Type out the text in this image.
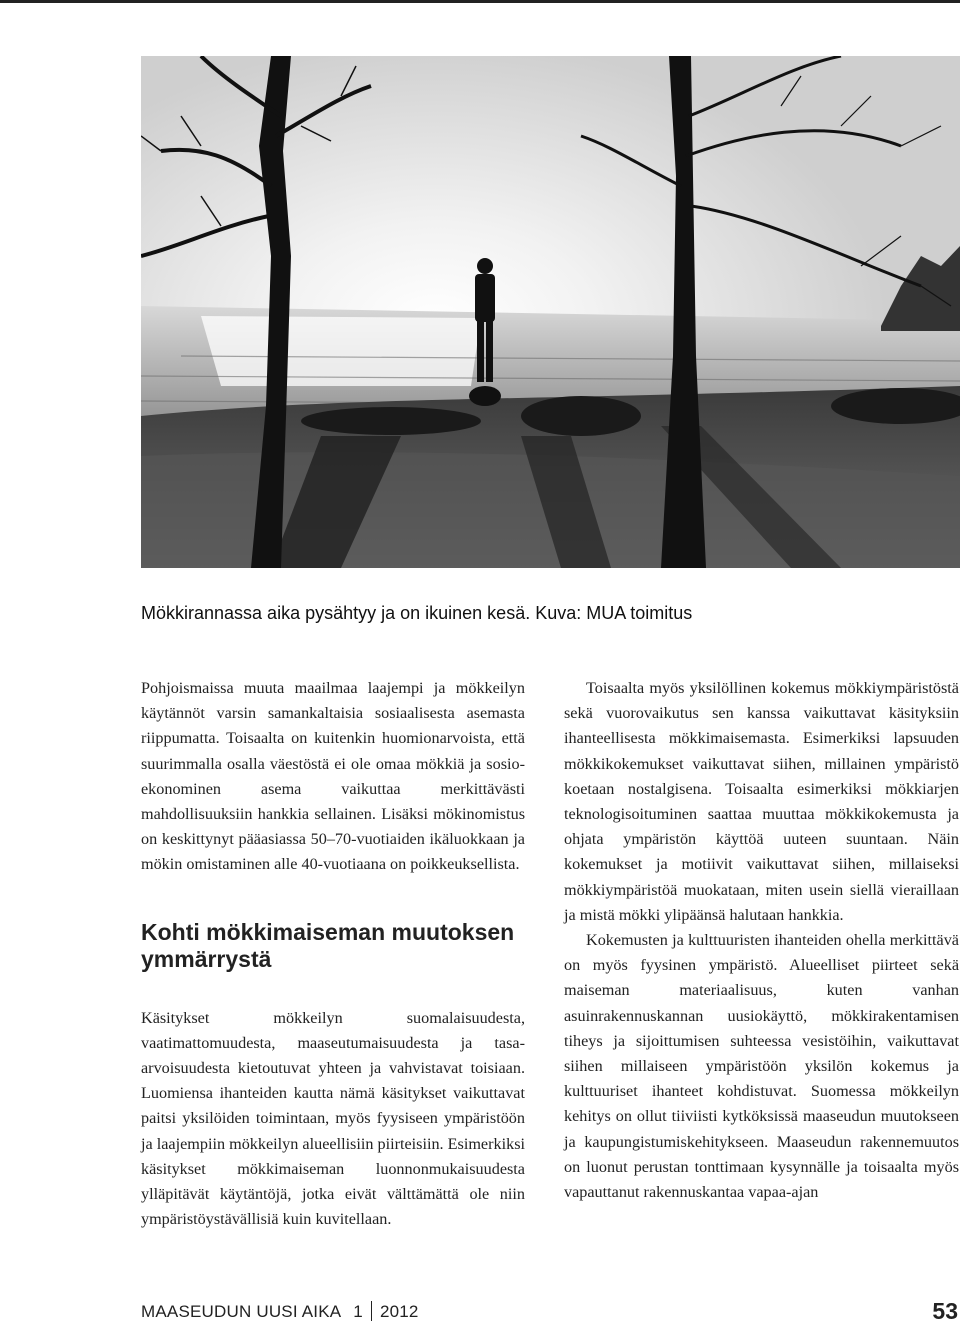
Mökkirannassa aika pysähtyy ja on ikuinen kesä. Kuva: MUA toimitus

Pohjoismaissa muuta maailmaa laajempi ja mökkeilyn käytännöt varsin samankaltaisia sosiaalisesta asemasta riippumatta. Toisaalta on kuitenkin huomionarvoista, että suurimmalla osalla väestöstä ei ole omaa mökkiä ja sosio-ekonominen asema vaikuttaa merkittävästi mahdollisuuksiin hankkia sellainen. Lisäksi mökinomistus on keskittynyt pääasiassa 50–70-vuotiaiden ikäluokkaan ja mökin omistaminen alle 40-vuotiaana on poikkeuksellista.

Kohti mökkimaiseman muutoksen ymmärrystä

Käsitykset mökkeilyn suomalaisuudesta, vaatimattomuudesta, maaseutumaisuudesta ja tasa-arvoisuudesta kietoutuvat yhteen ja vahvistavat toisiaan. Luomiensa ihanteiden kautta nämä käsitykset vaikuttavat paitsi yksilöiden toimintaan, myös fyysiseen ympäristöön ja laajempiin mökkeilyn alueellisiin piirteisiin. Esimerkiksi käsitykset mökkimaiseman luonnonmukaisuudesta ylläpitävät käytäntöjä, jotka eivät välttämättä ole niin ympäristöystävällisiä kuin kuvitellaan.

Toisaalta myös yksilöllinen kokemus mökkiympäristöstä sekä vuorovaikutus sen kanssa vaikuttavat käsityksiin ihanteellisesta mökkimaisemasta. Esimerkiksi lapsuuden mökkikokemukset vaikuttavat siihen, millainen ympäristö koetaan nostalgisena. Toisaalta esimerkiksi mökkiarjen teknologisoituminen saattaa muuttaa mökkikokemusta ja ohjata ympäristön käyttöä uuteen suuntaan. Näin kokemukset ja motiivit vaikuttavat siihen, millaiseksi mökkiympäristöä muokataan, miten usein siellä vieraillaan ja mistä mökki ylipäänsä halutaan hankkia.

Kokemusten ja kulttuuristen ihanteiden ohella merkittävä on myös fyysinen ympäristö. Alueelliset piirteet sekä maiseman materiaalisuus, kuten vanhan asuinrakennuskannan uusiokäyttö, mökkirakentamisen tiheys ja sijoittumisen suhteessa vesistöihin, vaikuttavat siihen millaiseen ympäristöön yksilön kokemus ja kulttuuriset ihanteet kohdistuvat. Suomessa mökkeilyn kehitys on ollut tiiviisti kytköksissä maaseudun muutokseen ja kaupungistumiskehitykseen. Maaseudun rakennemuutos on luonut perustan tonttimaan kysynnälle ja toisaalta myös vapauttanut rakennuskantaa vapaa-ajan

MAASEUDUN UUSI AIKA 1 2012	53
